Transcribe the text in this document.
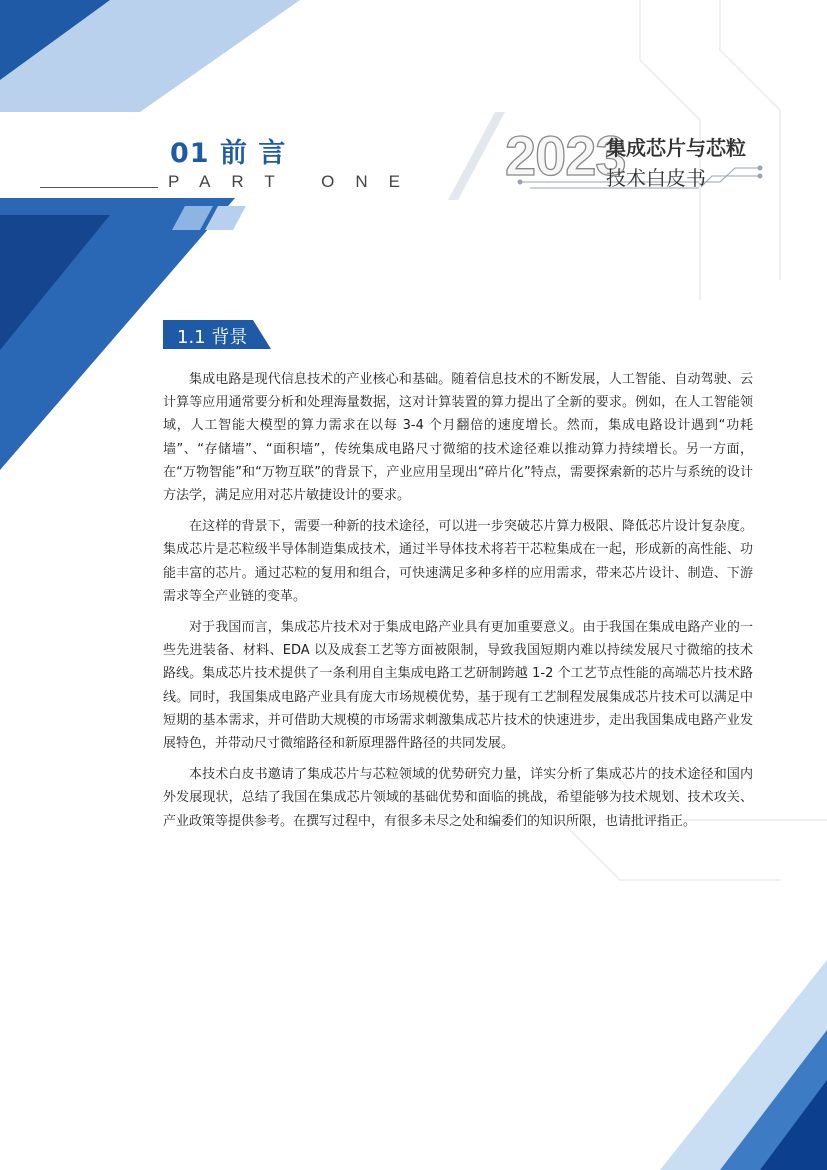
01 前 言
PART ONE 2023
集成芯片与芯粒
技术白皮书
1.1 背景

集成电路是现代信息技术的产业核心和基础。随着信息技术的不断发展，人工智能、自动驾驶、云计算等应用通常要分析和处理海量数据，这对计算装置的算力提出了全新的要求。例如，在人工智能领域，人工智能大模型的算力需求在以每 3-4 个月翻倍的速度增长。然而，集成电路设计遇到“功耗墙”、“存储墙”、“面积墙”，传统集成电路尺寸微缩的技术途径难以推动算力持续增长。另一方面，在“万物智能”和“万物互联”的背景下，产业应用呈现出“碎片化”特点，需要探索新的芯片与系统的设计方法学，满足应用对芯片敏捷设计的要求。

在这样的背景下，需要一种新的技术途径，可以进一步突破芯片算力极限、降低芯片设计复杂度。集成芯片是芯粒级半导体制造集成技术，通过半导体技术将若干芯粒集成在一起，形成新的高性能、功能丰富的芯片。通过芯粒的复用和组合，可快速满足多种多样的应用需求，带来芯片设计、制造、下游需求等全产业链的变革。

对于我国而言，集成芯片技术对于集成电路产业具有更加重要意义。由于我国在集成电路产业的一些先进装备、材料、EDA 以及成套工艺等方面被限制，导致我国短期内难以持续发展尺寸微缩的技术路线。集成芯片技术提供了一条利用自主集成电路工艺研制跨越 1-2 个工艺节点性能的高端芯片技术路线。同时，我国集成电路产业具有庞大市场规模优势，基于现有工艺制程发展集成芯片技术可以满足中短期的基本需求，并可借助大规模的市场需求刺激集成芯片技术的快速进步，走出我国集成电路产业发展特色，并带动尺寸微缩路径和新原理器件路径的共同发展。

本技术白皮书邀请了集成芯片与芯粒领域的优势研究力量，详实分析了集成芯片的技术途径和国内外发展现状，总结了我国在集成芯片领域的基础优势和面临的挑战，希望能够为技术规划、技术攻关、产业政策等提供参考。在撰写过程中，有很多未尽之处和编委们的知识所限，也请批评指正。
